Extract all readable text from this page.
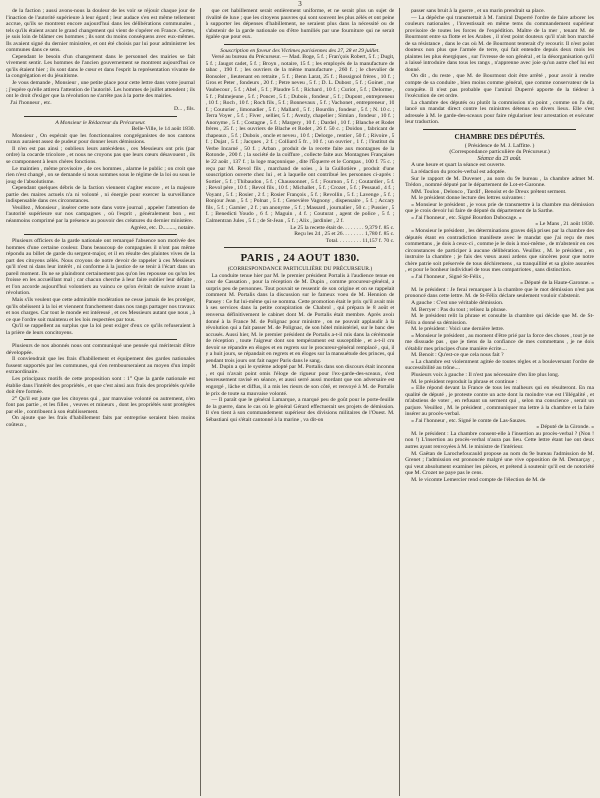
3

de la faction ; aussi avons-nous la douleur de les voir se réjouir chaque jour de l'inaction de l'autorité supérieure à leur égard ; leur audace s'en est même tellement accrue, qu'ils se montrent encore aujourd'hui dans les délibérations communales , tels qu'ils étaient avant le grand changement qui vient de s'opérer en France. Certes, je suis loin de blâmer ces hommes ; ils sont du moins conséquens avec eux-mêmes. Ils avaient signé du dernier ministère, et ont été choisis par lui pour administrer les communes dans ce sens.

Cependant le besoin d'un changement dans le personnel des mairies se fait vivement sentir. Les hommes de l'ancien gouvernement se montrent aujourd'hui ce qu'ils étaient hier ; ils sont dans le cœur et dans l'esprit la représentation vivante de la congrégation et du jésuitisme.

Je vous demande , Monsieur , une petite place pour cette lettre dans votre journal ; j'espère qu'elle attirera l'attention de l'autorité. Les hommes de juillet attendent ; ils ont le droit d'exiger que la révolution ne s'arrête pas à la porte des mairies.

J'ai l'honneur , etc.

D... , fils.

A Monsieur le Rédacteur du Précurseur.

Belle-Ville, le 14 août 1830.

Monsieur , On espérait que les fonctionnaires congréganistes de nos cantons ruraux auraient assez de pudeur pour donner leurs démissions.

Il n'en est pas ainsi ; oublieux leurs antécédens , ces Messieurs ont pris (par ordre) la cocarde tricolore , et nous ne croyons pas que leurs cœurs désavouent , ils se cramponnent à leurs chères fonctions.

Le maintien , même provisoire , de ces hommes , alarme le public ; on croit que rien n'est changé , on se demande si nous sommes sous le régime de la loi ou sous le joug de l'absolutisme.

Cependant quelques débris de la faction viennent s'agiter encore , et la majeure partie des maires actuels n'a ni volonté , ni énergie pour exercer la surveillance indispensable dans ces circonstances.

Veuillez , Monsieur , insérer cette note dans votre journal , appeler l'attention de l'autorité supérieure sur nos campagnes , où l'esprit , généralement bon , est néanmoins comprimé par la présence au pouvoir des créatures du dernier ministère.

Agréez, etc. D........., notaire.

Plusieurs officiers de la garde nationale ont remarqué l'absence non motivée des hommes d'une certaine couleur. Dans beaucoup de compagnies il n'ont pas même répondu au billet de garde du sergent-major, et il en résulte des plaintes vives de la part des citoyens zélés. Nous croyons de notre devoir de rappeler à ces Messieurs qu'il n'est ni dans leur intérêt , ni conforme à la justice de se tenir à l'écart dans un pareil moment. Ils ne se plaindront certainement pas qu'on les repousse ou qu'on les froisse en les accueillant mal ; car chacun cherche à leur faire oublier leur défaite , et l'on accorde aujourd'hui volontiers au vaincu ce qu'on évitait de suivre avant la révolution.

Mais s'ils veulent que cette admirable modération ne cesse jamais de les protéger, qu'ils obéissent à la loi et viennent franchement dans nos rangs partager nos travaux et nos charges. Car tout le monde est intéressé , et ces Messieurs autant que nous , à ce que l'ordre soit maintenu et les lois respectées par tous.

Qu'il se rappellent au surplus que la loi peut exiger d'eux ce qu'ils refuseraient à la prière de leurs concitoyens.

Plusieurs de nos abonnés nous ont communiqué une pensée qui mériterait d'être développée.

Il conviendrait que les frais d'habillement et équipement des gardes nationales fussent supportés par les communes, qui s'en rembourseraient au moyen d'un impôt extraordinaire.

Les principaux motifs de cette proposition sont : 1° Que la garde nationale est établie dans l'intérêt des propriétés , et que c'est ainsi aux frais des propriétés qu'elle doit être formée.

2° Qu'il est juste que les citoyens qui , par manvaise volonté ou autrement, n'en font pas partie , et les filles , veuves et mineurs , dont les propriétés sont protégées par elle , contribuent à son établissement.

On ajoute que les frais d'habillement faits par entreprise seraient bien moins coûteux ,

que cet habillement serait entièrement uniforme, et ne serait plus un sujet de rivalité de luxe ; que les citoyens pauvres qui sont souvent les plus zélés et ont peine à supporter les dépenses d'habillement, ne seraient plus dans la nécessité ou de s'abstenir de la garde nationale ou d'être humiliés par une fourniture qui ne serait égalée que pour eux.

Souscription en faveur des Victimes parisiennes des 27, 28 et 29 juillet.

Versé au bureau du Précurseur. — Mad. Boge, 5 f. ; Fran'çois Robert, 5 f. ; Dugit, 5 f. ; Jaugot cadet, 5 f. ; Broyn , notaire, 15 f. ; les employés de la manufacture de tabac , 190 f. ; les ouvriers de la même manufacture , 260 f. ; le chevalier de Bonsoler , lieutenant en retraite , 5 f. ; Benn Larat, 25 f. ; Rossignol frères , 10 f. ; Gros et Peter , fondeurs , 20 f. ; Petre neveu , 5 f. ; D. L. Dubost , 5 f. ; Goinet , rue Vaubecour , 5 f. ; Abel , 5 f. ; Plaudre 5 f. ; Richard , 10 f. ; Curiot , 5 f. ; Delorme , 5 f. ; Palmejeune , 5 f. ; Poncet , 5 f. ; Dubois , fondeur , 5 f. ; Dupont , entrepreneur , 10 f. ; Roch , 10 f. ; Roch fils , 5 f. ; Bonnevaux , 5 f. ; Vachonet , entrepreneur , 10 f. ; Couturier , limonadier , 5 f. ; Mallard , 5 f. ; Bourdin , fondeur , 5 f. ; N. 10 c. ; Terra Voyer , 5 f. ; Fiver , sellier, 5 f. ; Avezly, chapelier ; Simian , fondeur , 10 f. ; Anonyme , 5 f. ; Costagne , 5 f. ; Margery , 10 f. ; Dardel , 10 f. ; Blanche et Rodet frères , 25 f. ; les ouvriers de Blache et Rodet , 26 f. 50 c. ; Doidon , fabricant de chapeaux , 5 f. ; Dubois , oncle et neveu , 10 f. ; Delorge , rentier , 50 f. ; Rivoire , 5 f. ; Dujat , 5 f. ; Jacques , 2 f. ; Colliard 5 fr. , 10 f. ; un ouvrier , 1 f. ; l'institut du Verbe Incarné , 50 f. ; Arban , produit de la recette faite aux montagnes de la Rotonde , 200 f. ; la société de la coiffure , collecte faite aux Montagnes Françaises le 22 août , 137 f. ; la loge maçonnique , dite l'Équerre et le Compas , 100 f. 75 c. ; reçu par M. Revol fils , marchand de soies , à la Guillotière , produit d'une souscription ouverte chez lui , et à laquelle ont contribué les personnes ci-après : Sortier , 5 f. ; Thibaudon , 5 f. ; Chaussonnet , 5 f. ; Fournon , 5 f. ; Coutardier , 5 f. ; Revol père , 10 f. ; Revol fils , 10 f. ; Michallet , 5 f. ; Crozet , 5 f. ; Pessaud , 4 f. ; Voyant , 5 f. ; Rosier , 2 f. ; Rosier François , 5 f. ; Revollin , 5 f. ; Lavenge , 5 f. ; Bonjour Jean , 5 f. ; Polnat , 5 f. ; Genevière Vagnony , dispensaire , 5 f. ; Accary fils , 5 f. ; Garnier , 2 f. ; un anonyme , 5 f. ; Massard , journalier , 50 c. ; Pussier , 5 f. ; Benedicti Youdo , 6 f. ; Maguin , 4 f. ; Couturat , agent de police , 5 f. ; Calmentran Jules , 5 f. ; de St-Jean , 5 f. ; Alix , jardinier , 2 f.

Le 25 la recette était de. . . . . . . . 9,379 f. 85 c.

Reçu les 24 , 25 et 26. . . . . . . . 1,780 f. 85 c.

Total. . . . . . . . . 11,157 f. 70 c.

PARIS , 24 AOUT 1830.

(CORRESPONDANCE PARTICULIÈRE DU PRÉCURSEUR.)

La conduite tenue hier par M. le premier président Portalis à l'audience tenue en cour de Cassation , pour la réception de M. Dupin , comme procureur-général, a surpris peu de personnes. Tout pouvait se ressentir de son origine et on se rappelait comment M. Portalis dans la discussion sur le fameux voeu de M. Hennion de Pansey : Ce fut lui-même qui se nomma. Cette promotion était le prix qu'il avait mis à ses services dans la petite conspiration de Chabrol , qui prépara le 8 août et renversa définitivement le cabinet dont M. de Portalis était membre. Après avoir donné à la France M. de Polignac pour ministre , on ne pouvait applaudir à la révolution qui a fait passer M. de Polignac, de son hôtel ministériel, sur le banc des accusés. Aussi hier, M. le premier président de Portalis a-t-il mis dans la cérémonie de réception , toute l'aigreur dont son tempérament est susceptible , et a-t-il cru devoir se répandre en éloges et en regrets sur le procureur-général remplacé , qui, il y a huit jours, se répandait en regrets et en éloges sur la mansuétude des princes, qui pendant trois jours ont fait nager Paris dans le sang.

M. Dupin a qui le système adopté par M. Portalis dans son discours était inconnu , et qui n'avait point omis l'éloge de rigueur pour l'ex-garde-des-sceaux, s'est heureusement ravisé en séance, et aussi serré aussi mordant que son adversaire est engorgé , lâche et diffus, il a mis les rieurs de son côté, et renvoyé à M. de Portalis le prix de toute sa mauvaise volonté.

— Il paraît que le général Lamarque, a marqué peu de goût pour le porte-feuille de la guerre, dans le cas où le général Gérard effectuerait ses projets de démission. Il s'en tient à son commandement supérieur des divisions militaires de l'Ouest. M. Sébastiani qui s'était cantonné à la marine , va dit-on

passer sans bruit à la guerre , et un marin prendrait sa place.

— La dépêche qui transmettait à M. l'amiral Duperré l'ordre de faire arborer les couleurs nationales , l'investissait en même tems du commandement supérieur provisoire de toutes les forces de l'expédition. Maître de la mer , tenant M. de Bourmont entre sa flotte et les Arabes , il n'est point douteux qu'il n'ait bon marché de sa résistance , dans le cas où M. de Bourmont tenterait d'y recourir. Il n'est point douteux non plus que l'armée de terre, qui fait entendre depuis deux mois les plaintes les plus énergiques , sur l'ivresse de son général , et la désorganisation qu'il a laissé introduire dans tous les rangs , n'apprenne avec joie qu'un autre chef lui est donné.

On dit , du reste , que M. de Bourmont doit être arrêté , pour avoir à rendre compte de sa conduite , bien moins comme général, que comme conservateur de la conquête. Il n'est pas probable que l'amiral Duperré apporte de la tiédeur à l'exécution de cet ordre.

La chambre des députés ou plutôt la commission n'a point , comme on l'a dit, lancé un mandat direct contre les ministres détenus en divers lieux. Elle s'est adressée à M. le garde-des-sceaux pour faire régulariser leur arrestation et exécuter leur traduction.

CHAMBRE DES DÉPUTÉS.

( Présidence de M. J. Laffitte. )

(Correspondance particulière du Précurseur.)

Séance du 23 août.

A une heure et quart la séance est ouverte.

La rédaction du procès-verbal est adoptée.

Sur le rapport de M. Duvenet , au nom du 9e bureau , la chambre admet M. Trédon , nommé député par le département de Lot-et-Garonne.

MM. Toulon , Delonco , Tardif , Benoist et de Dreux prêtent serment.

M. le président donne lecture des lettres suivantes :

« Monsieur le président , je vous prie de transmettre à la chambre ma démission que je crois devoir lui faire de député du département de la Sarthe.

« J'ai l'honneur , etc. Signé Bourdon Dubocage. »

« Le Mans , 21 août 1830.

« Monsieur le président , les déterminations graves déjà prises par la chambre des députés étant en contradiction manifeste avec le mandat que j'ai reçu de mes commettans , je dois à ceux-ci , comme je le dois à moi-même , de m'abstenir en ces circonstances de participer à aucune délibération. Veuillez , M. le président , en instruire la chambre ; je fais des vœux aussi ardens que sincères pour que notre chère patrie soit préservée de tous déchiremens , sa tranquillité et sa gloire assurées , et pour le bonheur individuel de tous mes compatriotes , sans distinction.

« J'ai l'honneur , Signé St-Félix ,

« Député de la Haute-Garonne. »

M. le président : Je ferai remarquer à la chambre que le mot démission n'est pas prononcé dans cette lettre. M. de St-Félix déclare seulement vouloir s'abstenir.

A gauche : C'est une véritable démission.

M. Berryer : Pas du tout ; relisez la phrase.

M. le président relit la phrase et consulte la chambre qui décide que M. de St-Félix a donné sa démission.

M. le président : Voici une dernière lettre.

« Monsieur le président , au moment d'être prié par la force des choses , tout je ne me dissuade pas , que je tiens de la confiance de mes commettans , je ne dois s'établir mes principes d'une manière écrite....

M. Benoit : Qu'est-ce que cela nous fait ?

« La chambre est violemment agitée de toutes règles et a bouleversant l'ordre de successibilité au trône....

Plusieurs voix à gauche : Il n'est pas nécessaire d'en lire plus long.

M. le président reproduit la phrase et continue :

« Elle répond devant la France de tous les malheurs qui en résulteront. En ma qualité de député , je proteste contre un acte dont la moindre vue est l'illégalité , et m'abstiens de voter , en refusant un serment qui , selon ma conscience , serait un parjure. Veuillez , M. le président , communiquer ma lettre à la chambre et la faire insérer au procès-verbal.

« J'ai l'honneur , etc. Signé le comte de Las-Sauzes.

« Député de la Gironde. »

M. le président : La chambre consent-elle à l'insertion au procès-verbal ? (Non ! non !) L'insertion au procès-verbal n'aura pas lieu. Cette lettre étant lue ont deux autres ayant renvoyées à M. le ministre de l'intérieur.

M. Gaëtan de Larochefoucauld propose au nom du 9e bureau l'admission de M. Grenet ; l'admission est prononcée malgré une vive opposition de M. Demarçay , qui veut absolument examiner les pièces, et prétend à soutenir qu'il est de notoriété que M. Crozet ne paye pas le cens.

M. le vicomte Lemercier rend compte de l'élection de M. de
